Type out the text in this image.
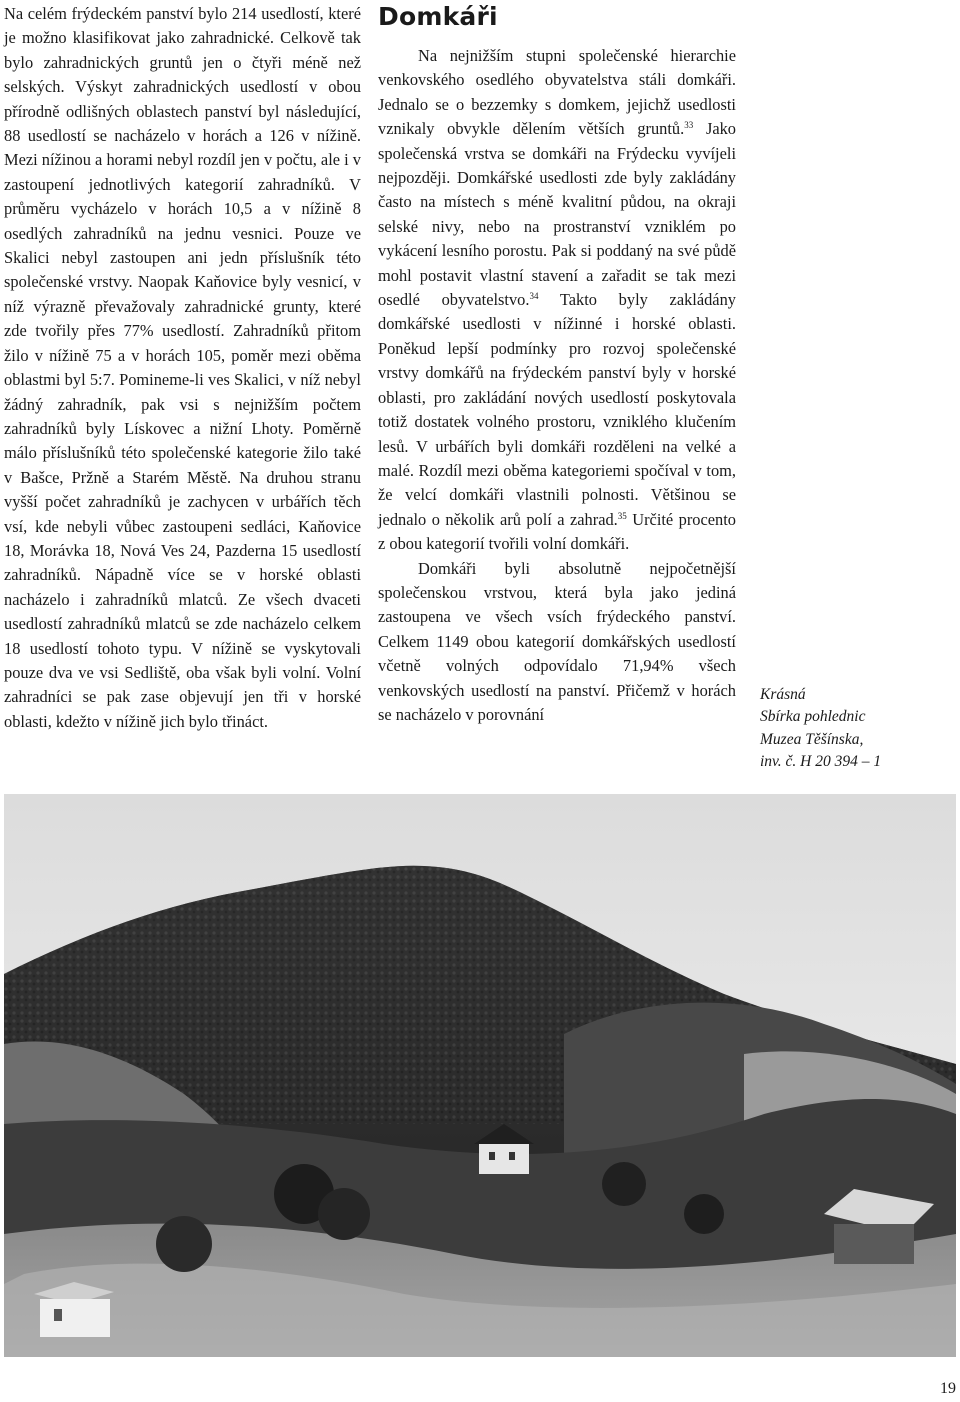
Na celém frýdeckém panství bylo 214 usedlostí, které je možno klasifikovat jako zahradnické. Celkově tak bylo zahradnických gruntů jen o čtyři méně než selských. Výskyt zahradnických usedlostí v obou přírodně odlišných oblastech panství byl následující, 88 usedlostí se nacházelo v horách a 126 v nížině. Mezi nížinou a horami nebyl rozdíl jen v počtu, ale i v zastoupení jednotlivých kategorií zahradníků. V průměru vycházelo v horách 10,5 a v nížině 8 osedlých zahradníků na jednu vesnici. Pouze ve Skalici nebyl zastoupen ani jedn příslušník této společenské vrstvy. Naopak Kaňovice byly vesnicí, v níž výrazně převažovaly zahradnické grunty, které zde tvořily přes 77% usedlostí. Zahradníků přitom žilo v nížině 75 a v horách 105, poměr mezi oběma oblastmi byl 5:7. Pomineme-li ves Skalici, v níž nebyl žádný zahradník, pak vsi s nejnižším počtem zahradníků byly Lískovec a nižní Lhoty. Poměrně málo příslušníků této společenské kategorie žilo také v Bašce, Pržně a Starém Městě. Na druhou stranu vyšší počet zahradníků je zachycen v urbářích těch vsí, kde nebyli vůbec zastoupeni sedláci, Kaňovice 18, Morávka 18, Nová Ves 24, Pazderna 15 usedlostí zahradníků. Nápadně více se v horské oblasti nacházelo i zahradníků mlatců. Ze všech dvaceti usedlostí zahradníků mlatců se zde nacházelo celkem 18 usedlostí tohoto typu. V nížině se vyskytovali pouze dva ve vsi Sedliště, oba však byli volní. Volní zahradníci se pak zase objevují jen tři v horské oblasti, kdežto v nížině jich bylo třináct.

Domkáři

Na nejnižším stupni společenské hierarchie venkovského osedlého obyvatelstva stáli domkáři. Jednalo se o bezzemky s domkem, jejichž usedlosti vznikaly obvykle dělením větších gruntů.$^{33}$ Jako společenská vrstva se domkáři na Frýdecku vyvíjeli nejpozději. Domkářské usedlosti zde byly zakládány často na místech s méně kvalitní půdou, na okraji selské nivy, nebo na prostranství vzniklém po vykácení lesního porostu. Pak si poddaný na své půdě mohl postavit vlastní stavení a zařadit se tak mezi osedlé obyvatelstvo.$^{34}$ Takto byly zakládány domkářské usedlosti v nížinné i horské oblasti. Poněkud lepší podmínky pro rozvoj společenské vrstvy domkářů na frýdeckém panství byly v horské oblasti, pro zakládání nových usedlostí poskytovala totiž dostatek volného prostoru, vzniklého klučením lesů. V urbářích byli domkáři rozděleni na velké a malé. Rozdíl mezi oběma kategoriemi spočíval v tom, že velcí domkáři vlastnili polnosti. Většinou se jednalo o několik arů polí a zahrad.$^{35}$ Určité procento z obou kategorií tvořili volní domkáři.

Domkáři byli absolutně nejpočetnější společenskou vrstvou, která byla jako jediná zastoupena ve všech vsích frýdeckého panství. Celkem 1149 obou kategorií domkářských usedlostí včetně volných odpovídalo 71,94% všech venkovských usedlostí na panství. Přičemž v horách se nacházelo v porovnání

Krásná
Sbírka pohlednic
Muzea Těšínska,
inv. č. H 20 394 – 1
19
